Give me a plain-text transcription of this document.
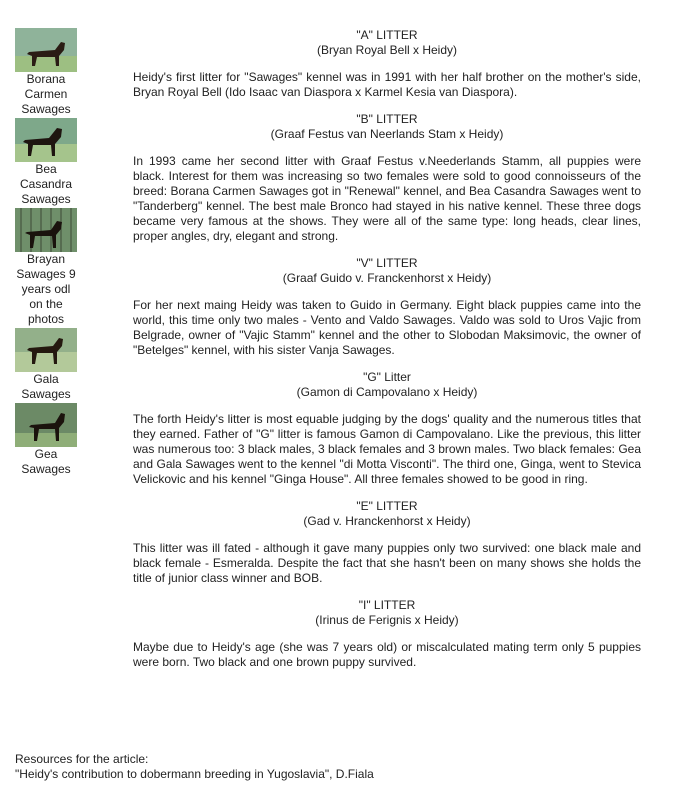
Borana Carmen Sawages
Bea Casandra Sawages
Brayan Sawages 9 years odl on the photos
Gala Sawages
Gea Sawages

"A" LITTER

(Bryan Royal Bell x Heidy)

Heidy's first litter for "Sawages" kennel was in 1991 with her half brother on the mother's side, Bryan Royal Bell (Ido Isaac van Diaspora x Karmel Kesia van Diaspora).

"B" LITTER

(Graaf Festus van Neerlands Stam x Heidy)

In 1993 came her second litter with Graaf Festus v.Neederlands Stamm, all puppies were black. Interest for them was increasing so two females were sold to good connoisseurs of the breed: Borana Carmen Sawages got in "Renewal" kennel, and Bea Casandra Sawages went to "Tanderberg" kennel. The best male Bronco had stayed in his native kennel. These three dogs became very famous at the shows. They were all of the same type: long heads, clear lines, proper angles, dry, elegant and strong.

"V" LITTER

(Graaf Guido v. Franckenhorst x Heidy)

For her next maing Heidy was taken to Guido in Germany. Eight black puppies came into the world, this time only two males - Vento and Valdo Sawages. Valdo was sold to Uros Vajic from Belgrade, owner of "Vajic Stamm" kennel and the other to Slobodan Maksimovic, the owner of "Betelges" kennel, with his sister Vanja Sawages.

"G" Litter

(Gamon di Campovalano x Heidy)

The forth Heidy's litter is most equable judging by the dogs' quality and the numerous titles that they earned. Father of "G" litter is famous Gamon di Campovalano. Like the previous, this litter was numerous too: 3 black males, 3 black females and 3 brown males. Two black females: Gea and Gala Sawages went to the kennel "di Motta Visconti". The third one, Ginga, went to Stevica Velickovic and his kennel "Ginga House". All three females showed to be good in ring.

"E" LITTER

(Gad v. Hranckenhorst x Heidy)

This litter was ill fated - although it gave many puppies only two survived: one black male and black female - Esmeralda. Despite the fact that she hasn't been on many shows she holds the title of junior class winner and BOB.

"I" LITTER

(Irinus de Ferignis x Heidy)

Maybe due to Heidy's age (she was 7 years old) or miscalculated mating term only 5 puppies were born. Two black and one brown puppy survived.

Resources for the article:
"Heidy's contribution to dobermann breeding in Yugoslavia", D.Fiala
